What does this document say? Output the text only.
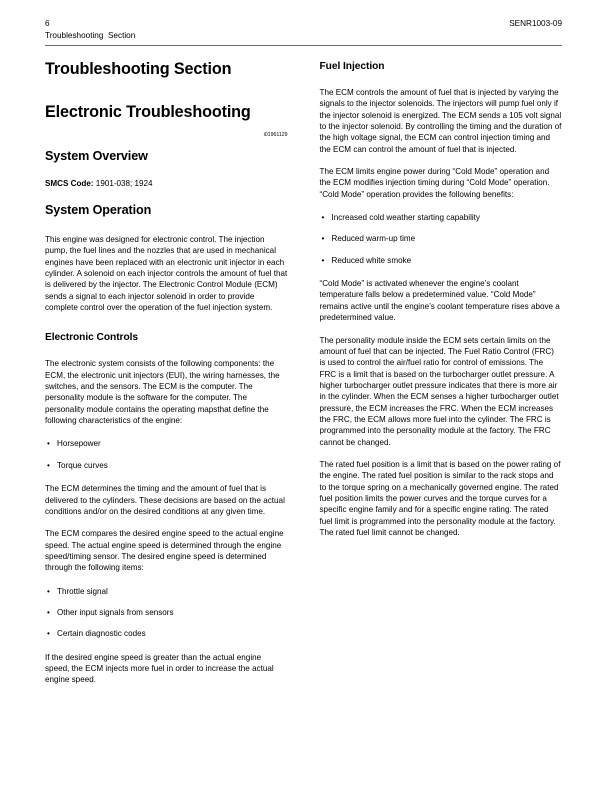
6
Troubleshooting  Section
SENR1003-09
Troubleshooting Section
Electronic Troubleshooting
i01961129
System Overview

SMCS Code: 1901-038; 1924

System Operation

This engine was designed for electronic control. The injection pump, the fuel lines and the nozzles that are used in mechanical engines have been replaced with an electronic unit injector in each cylinder. A solenoid on each injector controls the amount of fuel that is delivered by the injector. The Electronic Control Module (ECM) sends a signal to each injector solenoid in order to provide complete control over the operation of the fuel injection system.

Electronic Controls

The electronic system consists of the following components: the ECM, the electronic unit injectors (EUI), the wiring harnesses, the switches, and the sensors. The ECM is the computer. The personality module is the software for the computer. The personality module contains the operating mapsthat define the following characteristics of the engine:

• Horsepower
• Torque curves

The ECM determines the timing and the amount of fuel that is delivered to the cylinders. These decisions are based on the actual conditions and/or on the desired conditions at any given time.

The ECM compares the desired engine speed to the actual engine speed. The actual engine speed is determined through the engine speed/timing sensor. The desired engine speed is determined through the following items:

• Throttle signal
• Other input signals from sensors
• Certain diagnostic codes

If the desired engine speed is greater than the actual engine speed, the ECM injects more fuel in order to increase the actual engine speed.

Fuel Injection

The ECM controls the amount of fuel that is injected by varying the signals to the injector solenoids. The injectors will pump fuel only if the injector solenoid is energized. The ECM sends a 105 volt signal to the injector solenoid. By controlling the timing and the duration of the high voltage signal, the ECM can control injection timing and the ECM can control the amount of fuel that is injected.

The ECM limits engine power during “Cold Mode” operation and the ECM modifies injection timing during “Cold Mode” operation. “Cold Mode” operation provides the following benefits:

• Increased cold weather starting capability
• Reduced warm-up time
• Reduced white smoke

“Cold Mode” is activated whenever the engine’s coolant temperature falls below a predetermined value. “Cold Mode” remains active until the engine’s coolant temperature rises above a predetermined value.

The personality module inside the ECM sets certain limits on the amount of fuel that can be injected. The Fuel Ratio Control (FRC) is used to control the air/fuel ratio for control of emissions. The FRC is a limit that is based on the turbocharger outlet pressure. A higher turbocharger outlet pressure indicates that there is more air in the cylinder. When the ECM senses a higher turbocharger outlet pressure, the ECM increases the FRC. When the ECM increases the FRC, the ECM allows more fuel into the cylinder. The FRC is programmed into the personality module at the factory. The FRC cannot be changed.

The rated fuel position is a limit that is based on the power rating of the engine. The rated fuel position is similar to the rack stops and to the torque spring on a mechanically governed engine. The rated fuel position limits the power curves and the torque curves for a specific engine family and for a specific engine rating. The rated fuel limit is programmed into the personality module at the factory. The rated fuel limit cannot be changed.
